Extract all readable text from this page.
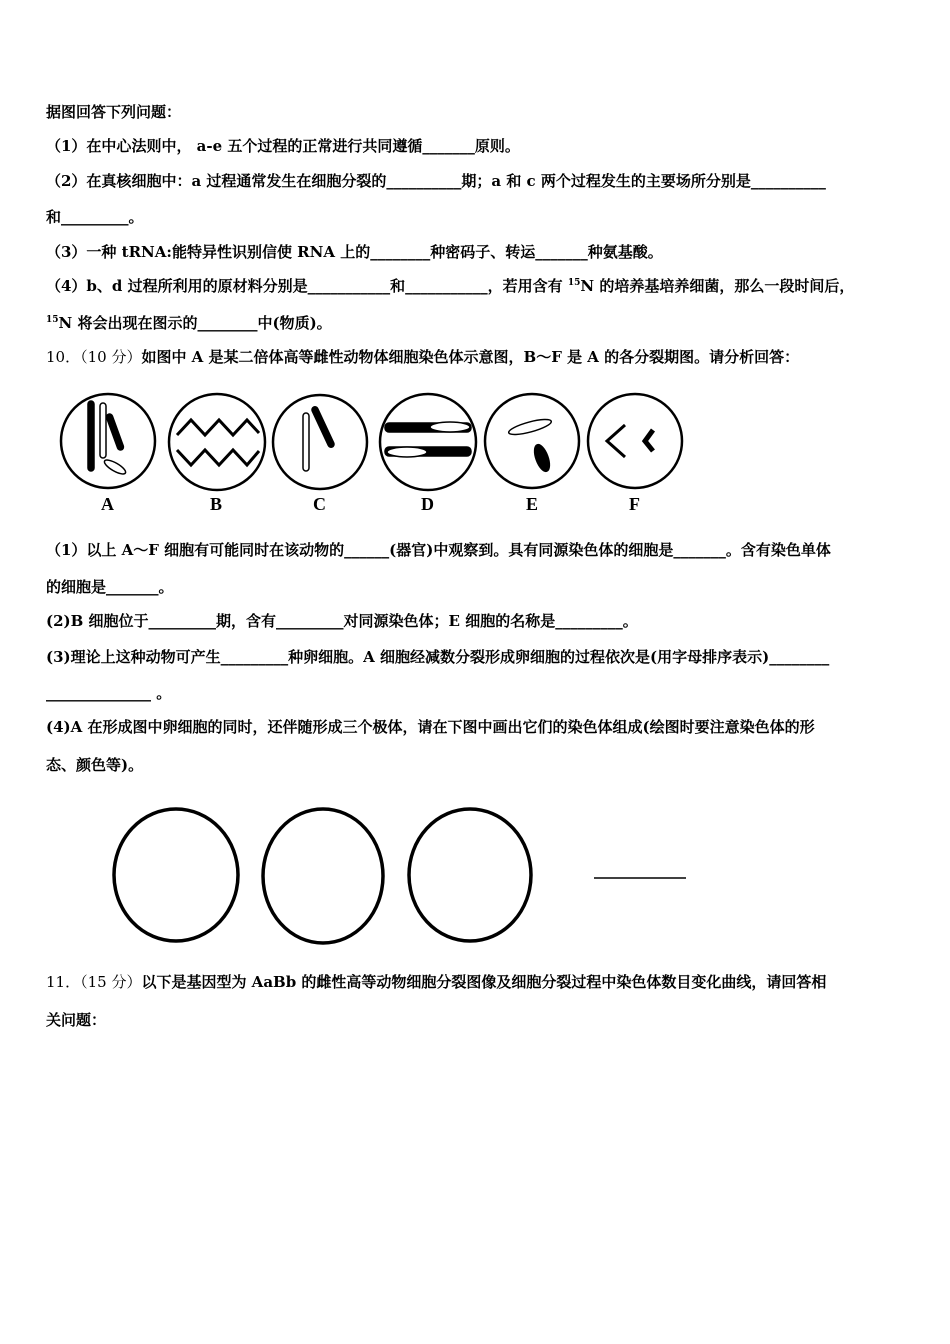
据图回答下列问题：
（1）在中心法则中， a-e 五个过程的正常进行共同遵循_______原则。
（2）在真核细胞中：a 过程通常发生在细胞分裂的__________期；a 和 c 两个过程发生的主要场所分别是__________
和_________。
（3）一种 tRNA:能特异性识别信使 RNA 上的________种密码子、转运_______种氨基酸。
（4）b、d 过程所利用的原材料分别是___________和___________，若用含有 $^{15}$N 的培养基培养细菌，那么一段时间后，
$^{15}$N 将会出现在图示的________中(物质)。
10．（10 分）如图中 A 是某二倍体高等雌性动物体细胞染色体示意图，B～F 是 A 的各分裂期图。请分析回答：
A	B	C	D	E	F
（1）以上 A～F 细胞有可能同时在该动物的______(器官)中观察到。具有同源染色体的细胞是_______。含有染色单体
的细胞是_______。
(2)B 细胞位于_________期，含有_________对同源染色体；E 细胞的名称是_________。
(3)理论上这种动物可产生_________种卵细胞。A 细胞经减数分裂形成卵细胞的过程依次是(用字母排序表示)________
______________ 。
(4)A 在形成图中卵细胞的同时，还伴随形成三个极体，请在下图中画出它们的染色体组成(绘图时要注意染色体的形
态、颜色等)。
11．（15 分）以下是基因型为 AaBb 的雌性高等动物细胞分裂图像及细胞分裂过程中染色体数目变化曲线，请回答相
关问题：
